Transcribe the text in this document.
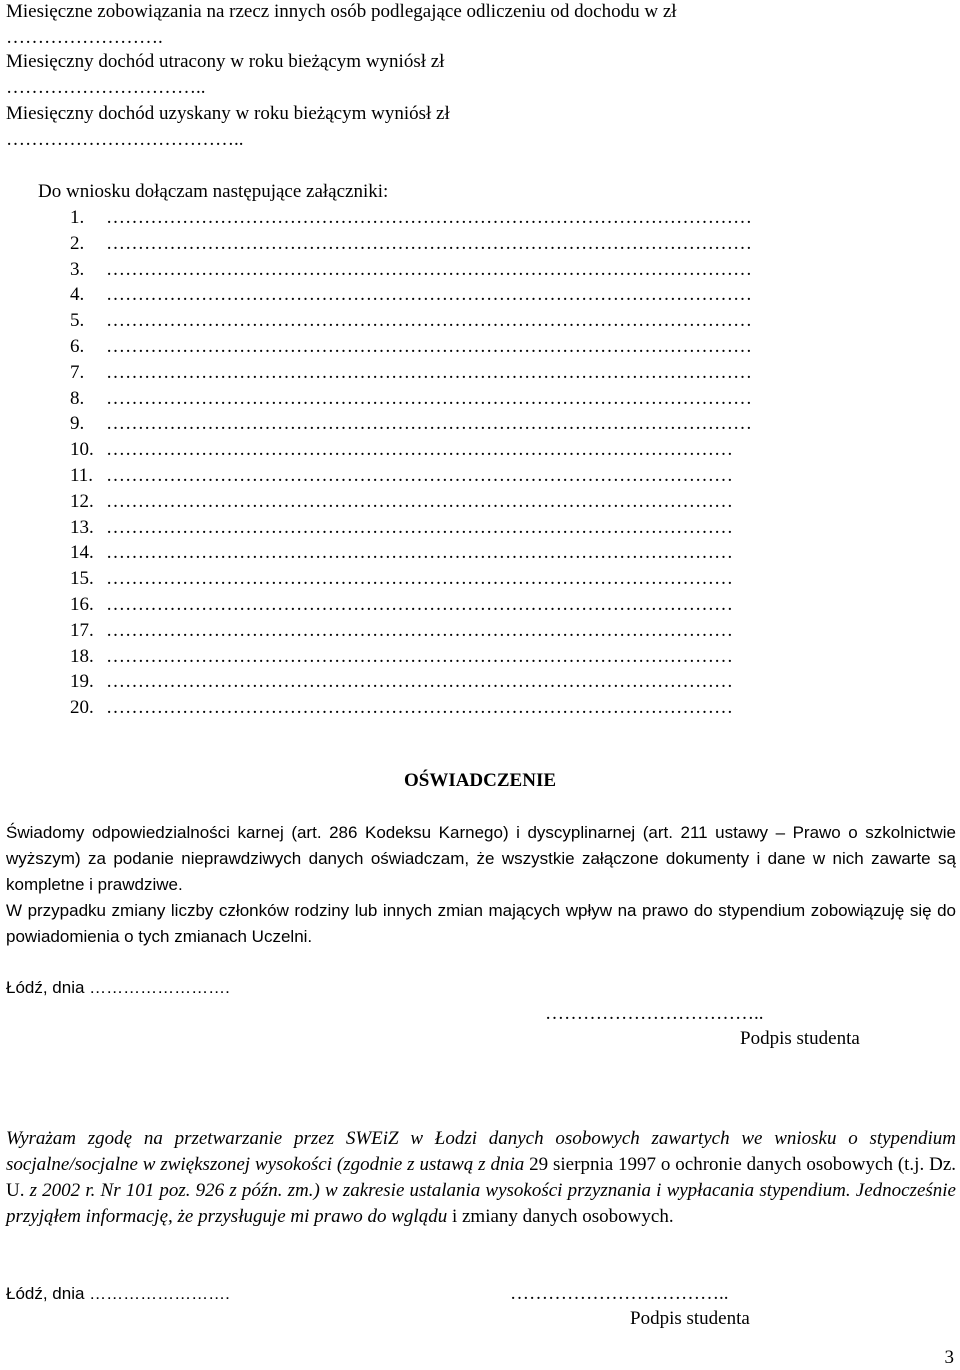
Miesięczne zobowiązania na rzecz innych osób podlegające odliczeniu od dochodu w zł
…………………….
Miesięczny dochód utracony w roku bieżącym wyniósł zł
…………………………..
Miesięczny dochód uzyskany w roku bieżącym wyniósł zł
………………………………..
Do wniosku dołączam następujące załączniki:
1. …………………………………………………………………………………………
2. …………………………………………………………………………………………
3. …………………………………………………………………………………………
4. …………………………………………………………………………………………
5. …………………………………………………………………………………………
6. …………………………………………………………………………………………
7. …………………………………………………………………………………………
8. …………………………………………………………………………………………
9. …………………………………………………………………………………………
10. ………………………………………………………………………………………
11. ………………………………………………………………………………………
12. ………………………………………………………………………………………
13. ………………………………………………………………………………………
14. ………………………………………………………………………………………
15. ………………………………………………………………………………………
16. ………………………………………………………………………………………
17. ………………………………………………………………………………………
18. ………………………………………………………………………………………
19. ………………………………………………………………………………………
20. ………………………………………………………………………………………
OŚWIADCZENIE
Świadomy odpowiedzialności karnej (art. 286 Kodeksu Karnego) i dyscyplinarnej (art. 211 ustawy – Prawo o szkolnictwie wyższym) za podanie nieprawdziwych danych oświadczam, że wszystkie załączone dokumenty i dane w nich zawarte są kompletne i prawdziwe.
W przypadku zmiany liczby członków rodziny lub innych zmian mających wpływ na prawo do stypendium zobowiązuję się do powiadomienia o tych zmianach Uczelni.
Łódź, dnia …………………….
……………………………..
Podpis studenta
Wyrażam zgodę na przetwarzanie przez SWEiZ w Łodzi danych osobowych zawartych we wniosku o stypendium socjalne/socjalne w zwiększonej wysokości (zgodnie z ustawą z dnia 29 sierpnia 1997 o ochronie danych osobowych (t.j. Dz. U. z 2002 r. Nr 101 poz. 926 z późn. zm.) w zakresie ustalania wysokości przyznania i wypłacania stypendium. Jednocześnie przyjąłem informację, że przysługuje mi prawo do wglądu i zmiany danych osobowych.
Łódź, dnia …………………….	……………………………..
Podpis studenta
3
